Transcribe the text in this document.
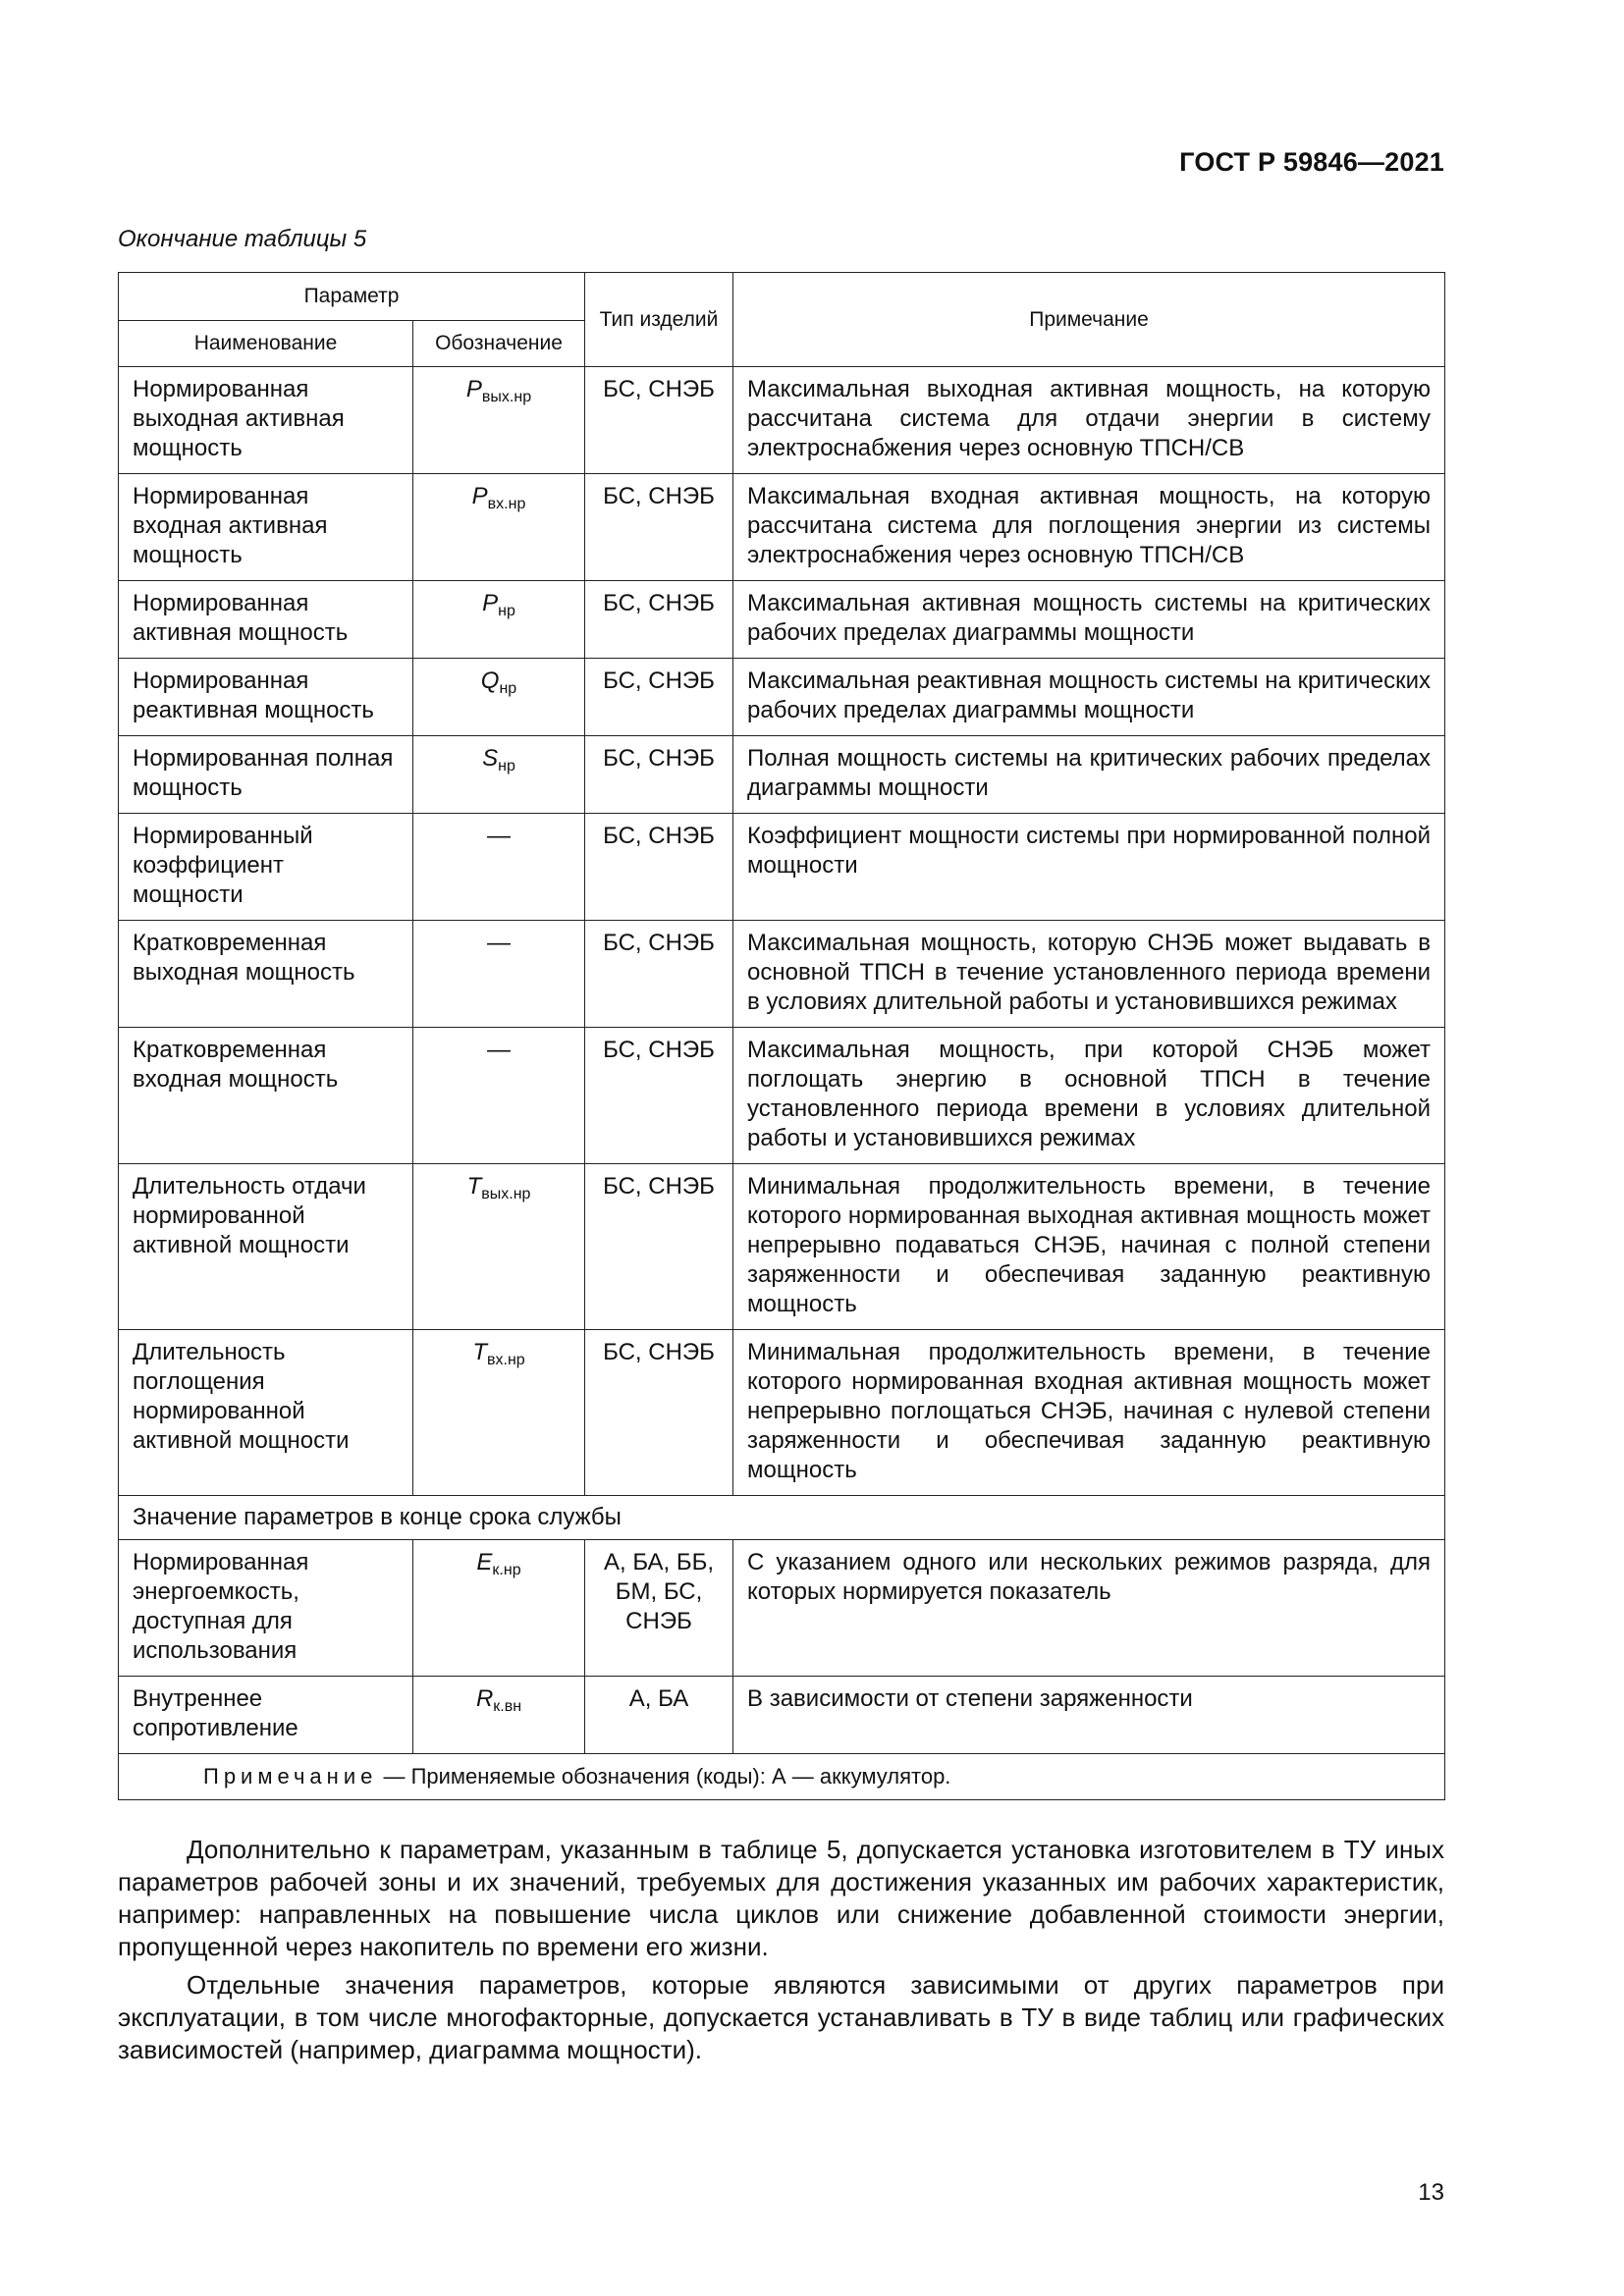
ГОСТ Р 59846—2021
Окончание таблицы 5
Параметр		Тип изделий	Примечание
Наименование	Обозначение		
Нормированная выходная активная мощность	$P_{вых.нр}$	БС, СНЭБ	Максимальная выходная активная мощность, на которую рассчитана система для отдачи энергии в систему электроснабжения через основную ТПСН/СВ
Нормированная входная активная мощность	$P_{вх.нр}$	БС, СНЭБ	Максимальная входная активная мощность, на которую рассчитана система для поглощения энергии из системы электроснабжения через основную ТПСН/СВ
Нормированная активная мощность	$P_{нр}$	БС, СНЭБ	Максимальная активная мощность системы на критических рабочих пределах диаграммы мощности
Нормированная реактивная мощность	$Q_{нр}$	БС, СНЭБ	Максимальная реактивная мощность системы на критических рабочих пределах диаграммы мощности
Нормированная полная мощность	$S_{нр}$	БС, СНЭБ	Полная мощность системы на критических рабочих пределах диаграммы мощности
Нормированный коэффициент мощности	—	БС, СНЭБ	Коэффициент мощности системы при нормированной полной мощности
Кратковременная выходная мощность	—	БС, СНЭБ	Максимальная мощность, которую СНЭБ может выдавать в основной ТПСН в течение установленного периода времени в условиях длительной работы и установившихся режимах
Кратковременная входная мощность	—	БС, СНЭБ	Максимальная мощность, при которой СНЭБ может поглощать энергию в основной ТПСН в течение установленного периода времени в условиях длительной работы и установившихся режимах
Длительность отдачи нормированной активной мощности	$T_{вых.нр}$	БС, СНЭБ	Минимальная продолжительность времени, в течение которого нормированная выходная активная мощность может непрерывно подаваться СНЭБ, начиная с полной степени заряженности и обеспечивая заданную реактивную мощность
Длительность поглощения нормированной активной мощности	$T_{вх.нр}$	БС, СНЭБ	Минимальная продолжительность времени, в течение которого нормированная входная активная мощность может непрерывно поглощаться СНЭБ, начиная с нулевой степени заряженности и обеспечивая заданную реактивную мощность
Значение параметров в конце срока службы			
Нормированная энергоемкость, доступная для использования	$E_{к.нр}$	А, БА, ББ, БМ, БС, СНЭБ	С указанием одного или нескольких режимов разряда, для которых нормируется показатель
Внутреннее сопротивление	$R_{к.вн}$	А, БА	В зависимости от степени заряженности
Примечание — Применяемые обозначения (коды): А — аккумулятор.			

Дополнительно к параметрам, указанным в таблице 5, допускается установка изготовителем в ТУ иных параметров рабочей зоны и их значений, требуемых для достижения указанных им рабочих характеристик, например: направленных на повышение числа циклов или снижение добавленной стоимости энергии, пропущенной через накопитель по времени его жизни.

Отдельные значения параметров, которые являются зависимыми от других параметров при эксплуатации, в том числе многофакторные, допускается устанавливать в ТУ в виде таблиц или графических зависимостей (например, диаграмма мощности).

13
